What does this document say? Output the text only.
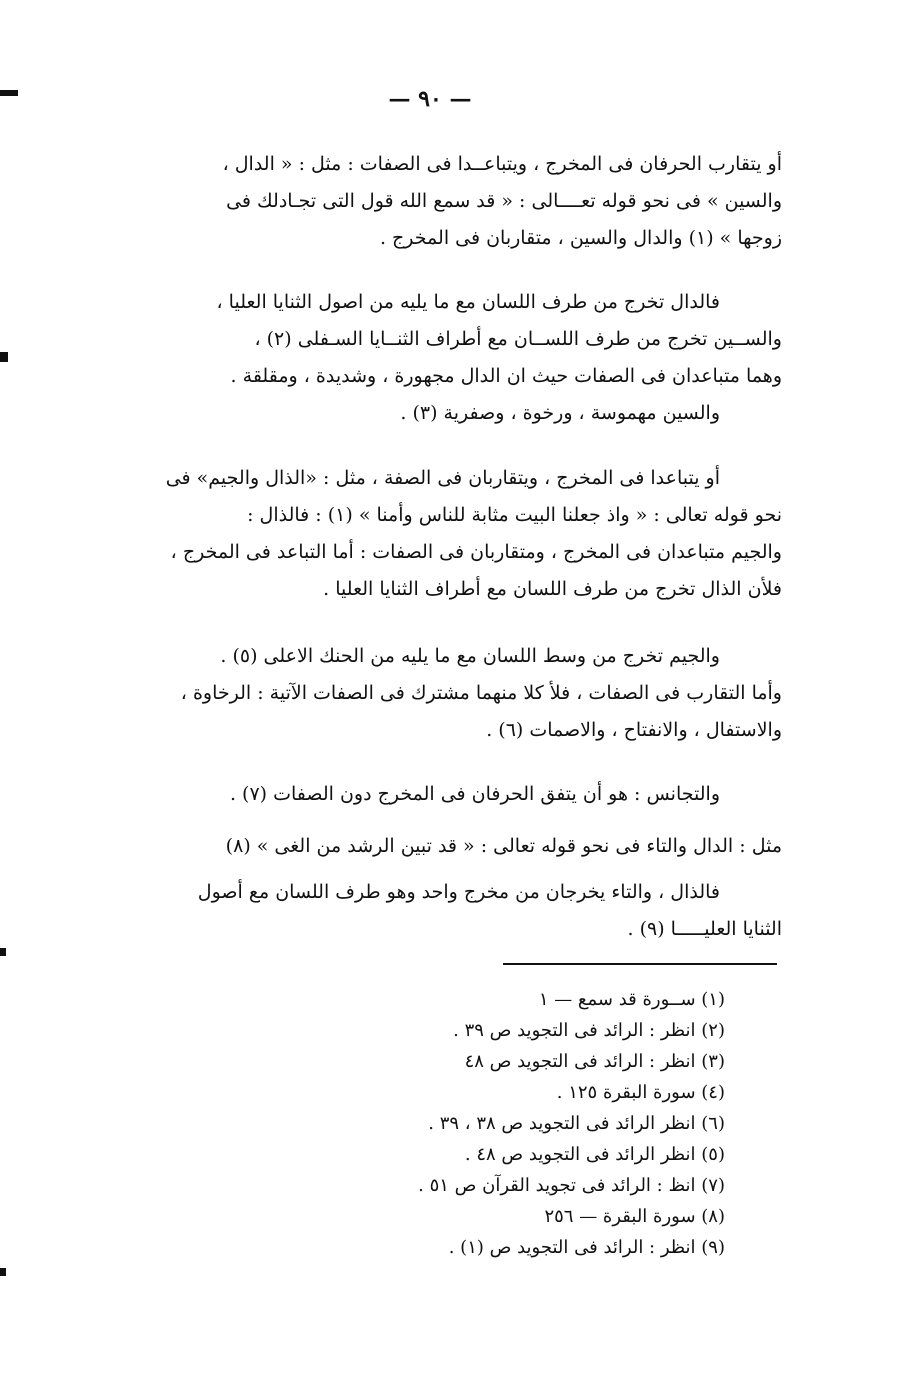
— ٩٠ —
أو يتقارب الحرفان فى المخرج ، ويتباعــدا فى الصفات : مثل : « الدال ،
والسين » فى نحو قوله تعــــالى : « قد سمع الله قول التى تجـادلك فى
زوجها » (١) والدال والسين ، متقاربان فى المخرج .
فالدال تخرج من طرف اللسان مع ما يليه من اصول الثنايا العليا ،
والســين تخرج من طرف اللســان مع أطراف الثنــايا السـفلى (٢) ،
وهما متباعدان فى الصفات حيث ان الدال مجهورة ، وشديدة ، ومقلقة .
والسين مهموسة ، ورخوة ، وصفرية (٣) .
أو يتباعدا فى المخرج ، ويتقاربان فى الصفة ، مثل : «الذال والجيم» فى
نحو قوله تعالى : « واذ جعلنا البيت مثابة للناس وأمنا » (١) : فالذال :
والجيم متباعدان فى المخرج ، ومتقاربان فى الصفات : أما التباعد فى المخرج ،
فلأن الذال تخرج من طرف اللسان مع أطراف الثنايا العليا .
والجيم تخرج من وسط اللسان مع ما يليه من الحنك الاعلى (٥) .
وأما التقارب فى الصفات ، فلأ كلا منهما مشترك فى الصفات الآتية : الرخاوة ،
والاستفال ، والانفتاح ، والاصمات (٦) .
والتجانس : هو أن يتفق الحرفان فى المخرج دون الصفات (٧) .
مثل : الدال والتاء فى نحو قوله تعالى : « قد تبين الرشد من الغى » (٨)
فالذال ، والتاء يخرجان من مخرج واحد وهو طرف اللسان مع أصول
الثنايا العليـــــا (٩) .
(١) ســورة قد سمع — ١
(٢) انظر : الرائد فى التجويد ص ٣٩ .
(٣) انظر : الرائد فى التجويد ص ٤٨
(٤) سورة البقرة ١٢٥ .
(٦) انظر الرائد فى التجويد ص ٣٨ ، ٣٩ .
(٥) انظر الرائد فى التجويد ص ٤٨ .
(٧) انظ : الرائد فى تجويد القرآن ص ٥١ .
(٨) سورة البقرة — ٢٥٦
(٩) انظر : الرائد فى التجويد ص (١) .
